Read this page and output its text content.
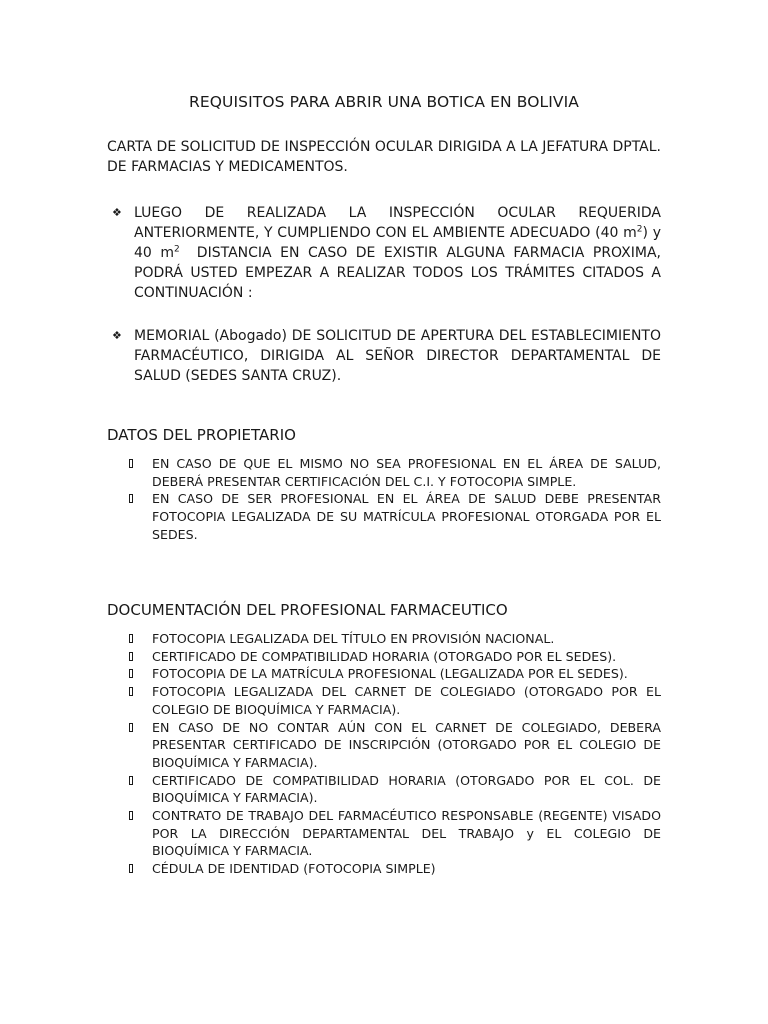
REQUISITOS PARA ABRIR UNA BOTICA EN BOLIVIA

CARTA DE SOLICITUD DE INSPECCIÓN OCULAR DIRIGIDA A LA JEFATURA DPTAL. DE FARMACIAS Y MEDICAMENTOS.

❖ LUEGO DE REALIZADA LA INSPECCIÓN OCULAR REQUERIDA ANTERIORMENTE, Y CUMPLIENDO CON EL AMBIENTE ADECUADO (40 $m^2$) y 40 $m^2$  DISTANCIA EN CASO DE EXISTIR ALGUNA FARMACIA PROXIMA,  PODRÁ USTED EMPEZAR A REALIZAR TODOS LOS TRÁMITES CITADOS A CONTINUACIÓN :
❖ MEMORIAL (Abogado) DE SOLICITUD DE APERTURA DEL ESTABLECIMIENTO FARMACÉUTICO, DIRIGIDA AL SEÑOR DIRECTOR DEPARTAMENTAL DE SALUD (SEDES SANTA CRUZ).
DATOS DEL PROPIETARIO
EN CASO DE QUE EL MISMO NO SEA PROFESIONAL EN EL ÁREA DE SALUD, DEBERÁ PRESENTAR CERTIFICACIÓN DEL C.I. Y FOTOCOPIA SIMPLE.
EN CASO DE SER PROFESIONAL EN EL ÁREA DE SALUD DEBE PRESENTAR FOTOCOPIA LEGALIZADA DE SU MATRÍCULA PROFESIONAL OTORGADA POR EL SEDES.
DOCUMENTACIÓN DEL PROFESIONAL FARMACEUTICO
FOTOCOPIA LEGALIZADA DEL TÍTULO EN PROVISIÓN NACIONAL.
CERTIFICADO DE COMPATIBILIDAD HORARIA (OTORGADO POR EL SEDES).
FOTOCOPIA DE LA MATRÍCULA PROFESIONAL (LEGALIZADA POR EL SEDES).
FOTOCOPIA LEGALIZADA DEL CARNET DE COLEGIADO (OTORGADO POR EL COLEGIO DE BIOQUÍMICA Y FARMACIA).
EN CASO DE NO CONTAR AÚN CON EL CARNET DE COLEGIADO, DEBERA PRESENTAR CERTIFICADO DE INSCRIPCIÓN (OTORGADO POR EL COLEGIO DE BIOQUÍMICA Y FARMACIA).
CERTIFICADO DE COMPATIBILIDAD HORARIA (OTORGADO POR EL COL. DE BIOQUÍMICA Y FARMACIA).
CONTRATO DE TRABAJO DEL FARMACÉUTICO RESPONSABLE (REGENTE) VISADO POR LA DIRECCIÓN DEPARTAMENTAL DEL TRABAJO y EL COLEGIO DE BIOQUÍMICA Y FARMACIA.
CÉDULA DE IDENTIDAD (FOTOCOPIA SIMPLE)
